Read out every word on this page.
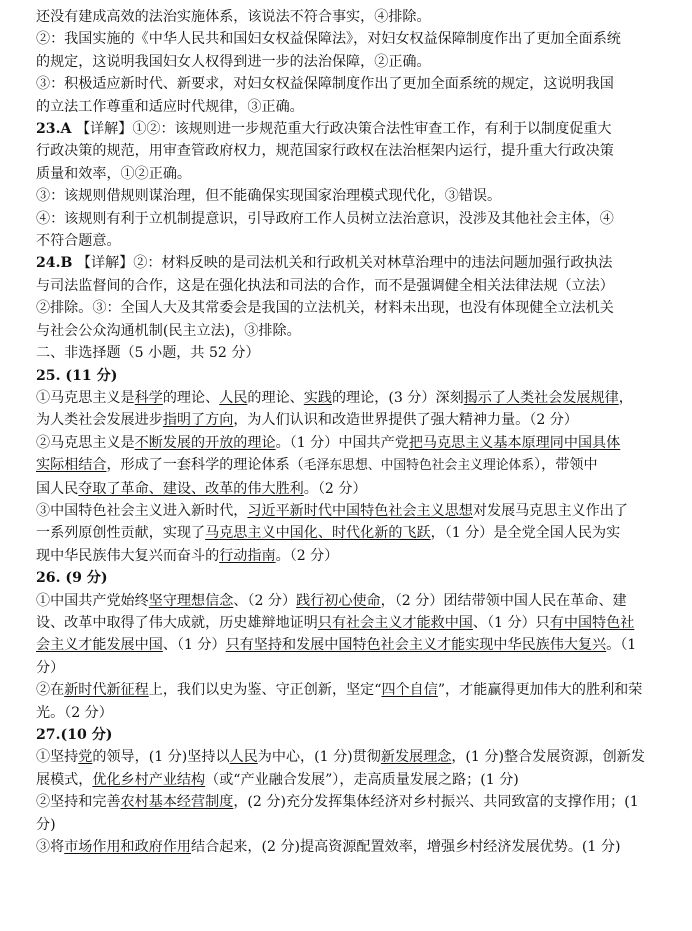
还没有建成高效的法治实施体系，该说法不符合事实，④排除。

②：我国实施的《中华人民共和国妇女权益保障法》，对妇女权益保障制度作出了更加全面系统

的规定，这说明我国妇女人权得到进一步的法治保障，②正确。

③：积极适应新时代、新要求，对妇女权益保障制度作出了更加全面系统的规定，这说明我国

的立法工作尊重和适应时代规律，③正确。

23.A 【详解】①②：该规则进一步规范重大行政决策合法性审查工作，有利于以制度促重大

行政决策的规范，用审查管政府权力，规范国家行政权在法治框架内运行，提升重大行政决策

质量和效率，①②正确。

③：该规则借规则谋治理，但不能确保实现国家治理模式现代化，③错误。

④：该规则有利于立机制提意识，引导政府工作人员树立法治意识，没涉及其他社会主体，④

不符合题意。

24.B 【详解】②：材料反映的是司法机关和行政机关对林草治理中的违法问题加强行政执法

与司法监督间的合作，这是在强化执法和司法的合作，而不是强调健全相关法律法规（立法）

②排除。③：全国人大及其常委会是我国的立法机关，材料未出现，也没有体现健全立法机关

与社会公众沟通机制(民主立法)，③排除。

二、非选择题（5 小题，共 52 分）

25. (11 分)

①马克思主义是科学的理论、人民的理论、实践的理论，(3 分）深刻揭示了人类社会发展规律，

为人类社会发展进步指明了方向，为人们认识和改造世界提供了强大精神力量。（2 分）

②马克思主义是不断发展的开放的理论。（1 分）中国共产党把马克思主义基本原理同中国具体

实际相结合，形成了一套科学的理论体系（毛泽东思想、中国特色社会主义理论体系），带领中

国人民夺取了革命、建设、改革的伟大胜利。（2 分）

③中国特色社会主义进入新时代，习近平新时代中国特色社会主义思想对发展马克思主义作出了

一系列原创性贡献，实现了马克思主义中国化、时代化新的飞跃，（1 分）是全党全国人民为实

现中华民族伟大复兴而奋斗的行动指南。（2 分）

26. (9 分)

①中国共产党始终坚守理想信念、（2 分）践行初心使命，（2 分）团结带领中国人民在革命、建

设、改革中取得了伟大成就，历史雄辩地证明只有社会主义才能救中国、（1 分）只有中国特色社

会主义才能发展中国、（1 分）只有坚持和发展中国特色社会主义才能实现中华民族伟大复兴。（1

分）

②在新时代新征程上，我们以史为鉴、守正创新，坚定“四个自信”，才能赢得更加伟大的胜利和荣

光。（2 分）

27.(10 分)

①坚持党的领导，(1 分)坚持以人民为中心，(1 分)贯彻新发展理念，(1 分)整合发展资源，创新发

展模式，优化乡村产业结构（或“产业融合发展”），走高质量发展之路；(1 分)

②坚持和完善农村基本经营制度，(2 分)充分发挥集体经济对乡村振兴、共同致富的支撑作用；(1

分)

③将市场作用和政府作用结合起来，(2 分)提高资源配置效率，增强乡村经济发展优势。(1 分)
